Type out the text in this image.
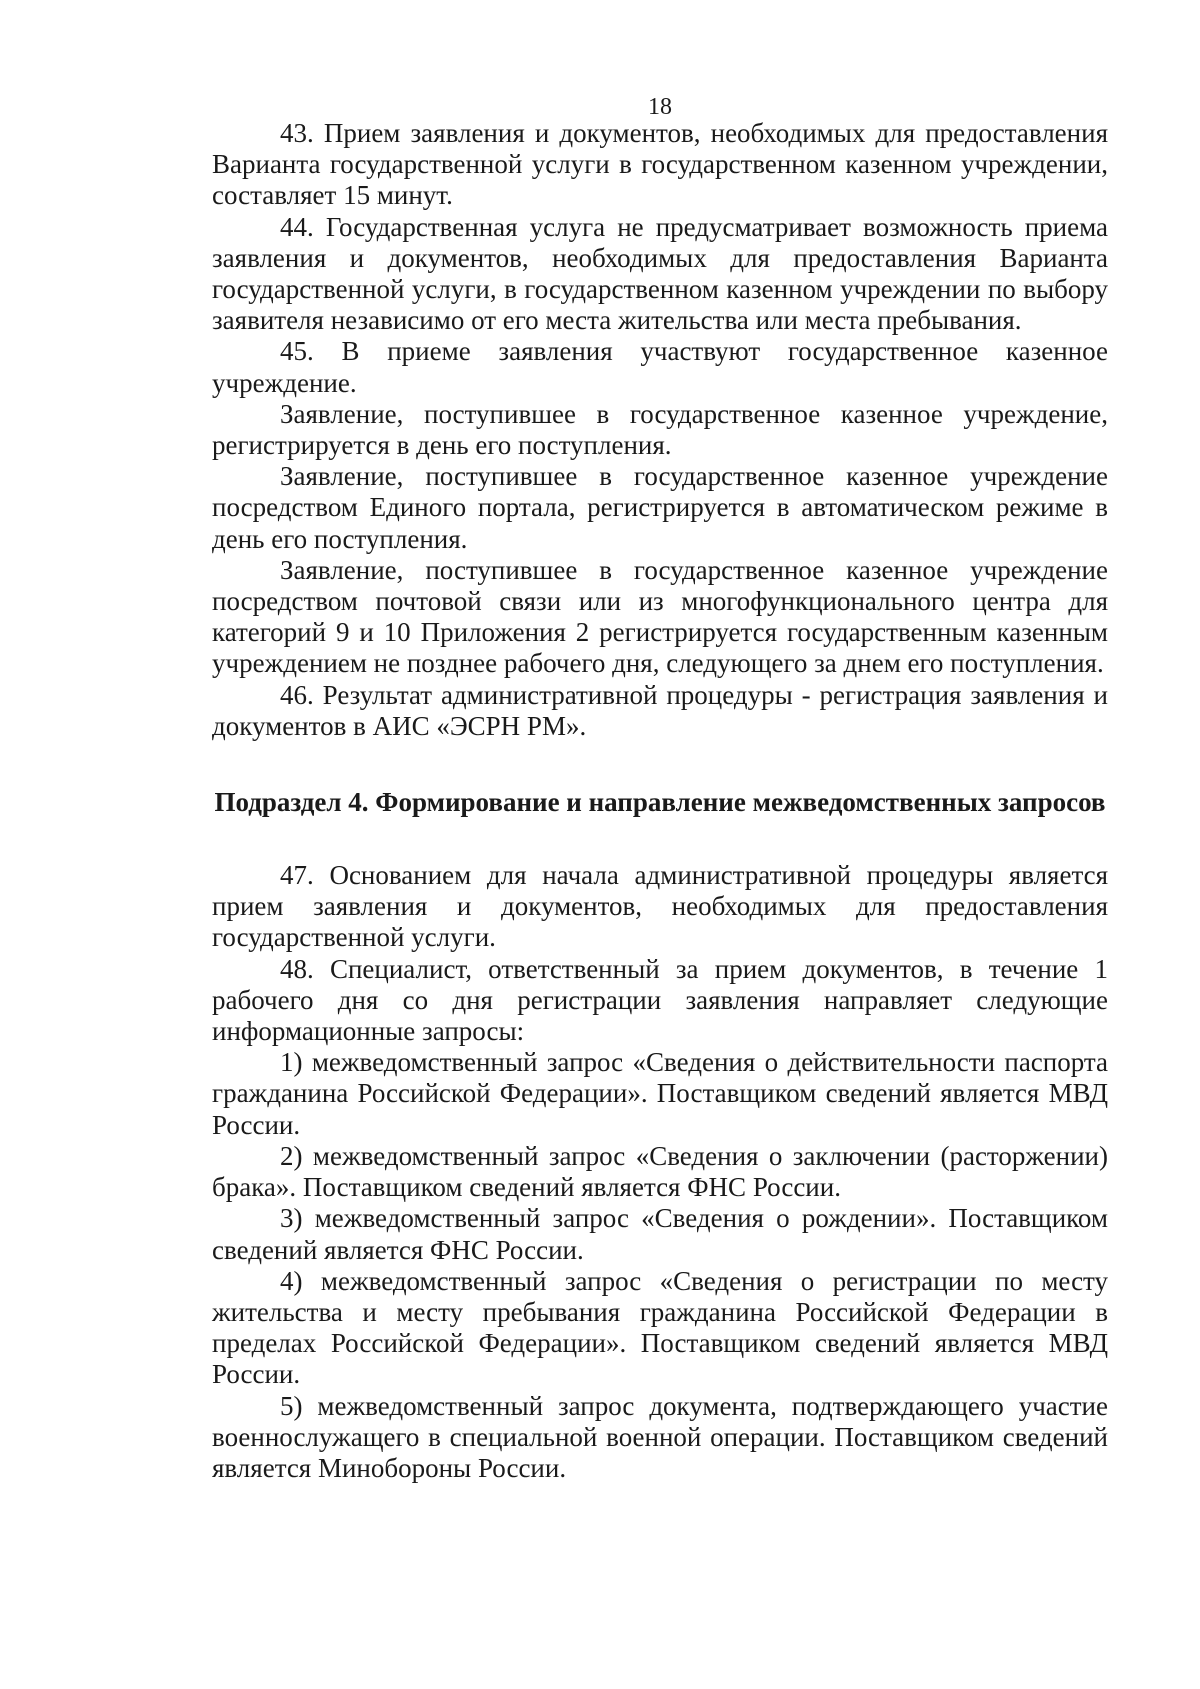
18

43. Прием заявления и документов, необходимых для предоставления Варианта государственной услуги в государственном казенном учреждении, составляет 15 минут.

44. Государственная услуга не предусматривает возможность приема заявления и документов, необходимых для предоставления Варианта государственной услуги, в государственном казенном учреждении по выбору заявителя независимо от его места жительства или места пребывания.

45. В приеме заявления участвуют государственное казенное учреждение.

Заявление, поступившее в государственное казенное учреждение, регистрируется в день его поступления.

Заявление, поступившее в государственное казенное учреждение посредством Единого портала, регистрируется в автоматическом режиме в день его поступления.

Заявление, поступившее в государственное казенное учреждение посредством почтовой связи или из многофункционального центра для категорий 9 и 10 Приложения 2 регистрируется государственным казенным учреждением не позднее рабочего дня, следующего за днем его поступления.

46. Результат административной процедуры - регистрация заявления и документов в АИС «ЭСРН РМ».

Подраздел 4. Формирование и направление межведомственных запросов

47. Основанием для начала административной процедуры является прием заявления и документов, необходимых для предоставления государственной услуги.

48. Специалист, ответственный за прием документов, в течение 1 рабочего дня со дня регистрации заявления направляет следующие информационные запросы:

1) межведомственный запрос «Сведения о действительности паспорта гражданина Российской Федерации». Поставщиком сведений является МВД России.

2) межведомственный запрос «Сведения о заключении (расторжении) брака». Поставщиком сведений является ФНС России.

3) межведомственный запрос «Сведения о рождении». Поставщиком сведений является ФНС России.

4) межведомственный запрос «Сведения о регистрации по месту жительства и месту пребывания гражданина Российской Федерации в пределах Российской Федерации». Поставщиком сведений является МВД России.

5) межведомственный запрос документа, подтверждающего участие военнослужащего в специальной военной операции. Поставщиком сведений является Минобороны России.
